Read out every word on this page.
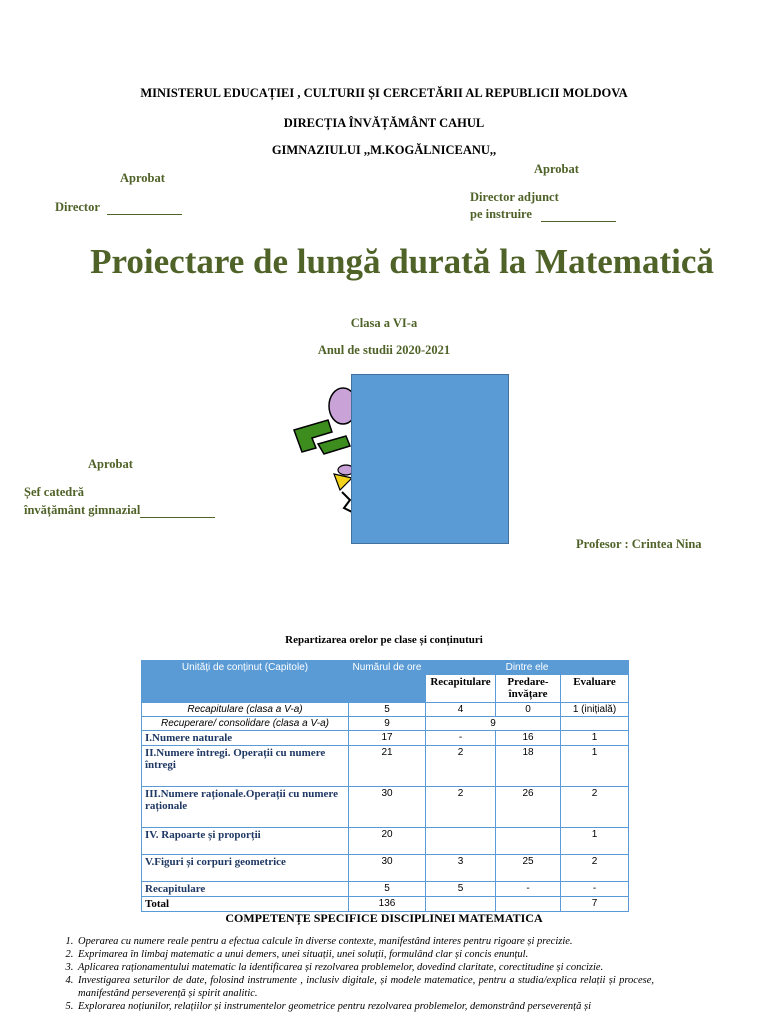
MINISTERUL EDUCAȚIEI , CULTURII ȘI CERCETĂRII AL REPUBLICII MOLDOVA
DIRECȚIA ÎNVĂȚĂMÂNT CAHUL
GIMNAZIULUI ,,M.KOGĂLNICEANU,,
Aprobat
Director
Aprobat
Director adjunct
pe instruire
Proiectare de lungă durată la Matematică
Clasa a VI-a
Anul de studii 2020-2021
Aprobat
Șef catedră
învățământ gimnazial
Profesor : Crintea Nina
Repartizarea orelor pe clase și conținuturi
Unități de conținut (Capitole)	Numărul de ore	Dintre ele		
		Recapitulare	Predare-învățare	Evaluare
Recapitulare (clasa a V-a)	5	4	0	1 (inițială)
Recuperare/ consolidare (clasa a V-a)	9	9		
I.Numere naturale	17	-	16	1
II.Numere întregi. Operații cu numere întregi	21	2	18	1
III.Numere raționale.Operații cu numere raționale	30	2	26	2
IV. Rapoarte și proporții	20			1
V.Figuri și corpuri geometrice	30	3	25	2
Recapitulare	5	5	-	-
Total	136			7
COMPETENȚE SPECIFICE DISCIPLINEI MATEMATICA
1. Operarea cu numere reale pentru a efectua calcule în diverse contexte, manifestând interes pentru rigoare și precizie.
2. Exprimarea în limbaj matematic a unui demers, unei situații, unei soluții, formulând clar și concis enunțul.
3. Aplicarea raționamentului matematic la identificarea și rezolvarea problemelor, dovedind claritate, corectitudine și concizie.
4. Investigarea seturilor de date, folosind instrumente , inclusiv digitale, și modele matematice, pentru a studia/explica relații și procese, manifestând perseverență și spirit analitic.
5. Explorarea noțiunilor, relațiilor și instrumentelor geometrice pentru rezolvarea problemelor, demonstrând perseverență și
